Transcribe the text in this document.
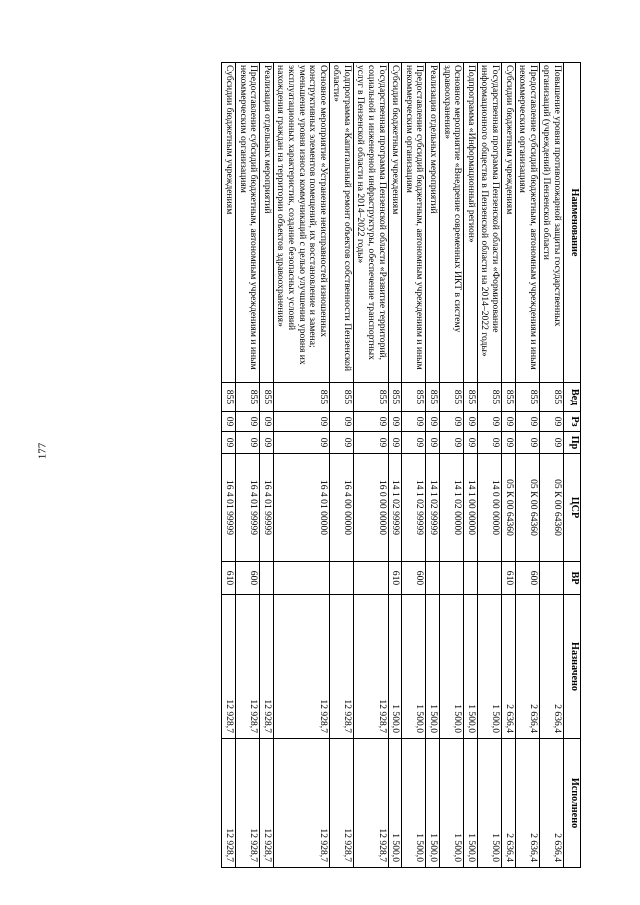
177
Наименование	Вед	Рз	Пр	ЦСР	ВР	Назначено	Исполнено
Повышение уровня противопожарной защиты государственных организаций (учреждений) Пензенской области	855	09	09	05 К 00 64360		2 636,4	2 636,4
Предоставление субсидий бюджетным, автономным учреждениям и иным некоммерческим организациям	855	09	09	05 К 00 64360	600	2 636,4	2 636,4
Субсидии бюджетным учреждениям	855	09	09	05 К 00 64360	610	2 636,4	2 636,4
Государственная программа Пензенской области «Формирование информационного общества в Пензенской области на 2014–2022 годы»	855	09	09	14 0 00 00000		1 500,0	1 500,0
Подпрограмма «Информационный регион»	855	09	09	14 1 00 00000		1 500,0	1 500,0
Основное мероприятие «Внедрение современных ИКТ в систему здравоохранения»	855	09	09	14 1 02 00000		1 500,0	1 500,0
Реализация отдельных мероприятий	855	09	09	14 1 02 99999		1 500,0	1 500,0
Предоставление субсидий бюджетным, автономным учреждениям и иным некоммерческим организациям	855	09	09	14 1 02 99999	600	1 500,0	1 500,0
Субсидии бюджетным учреждениям	855	09	09	14 1 02 99999	610	1 500,0	1 500,0
Государственная программа Пензенской области «Развитие территорий, социальной и инженерной инфраструктуры, обеспечение транспортных услуг в Пензенской области на 2014–2022 годы»	855	09	09	16 0 00 00000		12 928,7	12 928,7
Подпрограмма «Капитальный ремонт объектов собственности Пензенской области»	855	09	09	16 4 00 00000		12 928,7	12 928,7
Основное мероприятие «Устранение неисправностей изношенных конструктивных элементов помещений, их восстановление и замена; уменьшение уровня износа коммуникаций с целью улучшения уровня их эксплуатационных характеристик, создание безопасных условий нахождения граждан на территории объектов здравоохранения»	855	09	09	16 4 01 00000		12 928,7	12 928,7
Реализация отдельных мероприятий	855	09	09	16 4 01 99999		12 928,7	12 928,7
Предоставление субсидий бюджетным, автономным учреждениям и иным некоммерческим организациям	855	09	09	16 4 01 99999	600	12 928,7	12 928,7
Субсидии бюджетным учреждениям	855	09	09	16 4 01 99999	610	12 928,7	12 928,7
